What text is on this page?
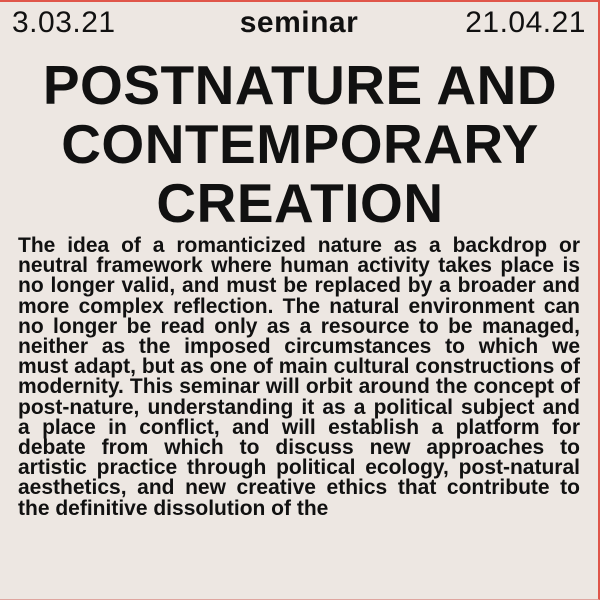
3.03.21	seminar	21.04.21
POSTNATURE AND CONTEMPORARY CREATION

The idea of a romanticized nature as a backdrop or neutral framework where human activity takes place is no longer valid, and must be replaced by a broader and more complex reflection. The natural environment can no longer be read only as a resource to be managed, neither as the imposed circumstances to which we must adapt, but as one of main cultural constructions of modernity. This seminar will orbit around the concept of post-nature, understanding it as a political subject and a place in conflict, and will establish a platform for debate from which to discuss new approaches to artistic practice through political ecology, post-natural aesthetics, and new creative ethics that contribute to the definitive dissolution of the
